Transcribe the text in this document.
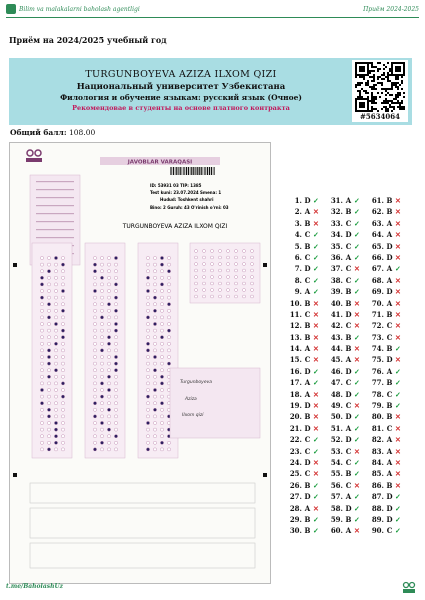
Bilim va malakalarni baholash agentligi	Приём 2024-2025
Приём на 2024/2025 учебный год
TURGUNBOYEVA AZIZA ILXOM QIZI
Национальный университет Узбекистана
Филология и обучение языкам: русский язык (Очное)
Рекомендовае в студенты на основе платного контракта
#5634064
Общий балл: 108.00
JAVOBLAR VARAQASI
ID: 53931 03 TIP: 1385
Test kuni: 23.07.2024 Smena: 1
Hudud: Toshkent shahri
Bino: 2 Guruh: 43 O'rinish o'rni: 03
TURGUNBOYEVA AZIZA ILXOM QIZI
Turgunboyeva
Aziza
Ilxom qizi
1. D ✓
2. A ✕
3. B ✕
4. C ✓
5. B ✓
6. C ✓
7. D ✓
8. C ✓
9. A ✓
10. B ✕
11. C ✕
12. B ✕
13. B ✕
14. A ✕
15. C ✕
16. D ✓
17. A ✓
18. A ✕
19. D ✕
20. B ✕
21. D ✕
22. C ✓
23. C ✓
24. D ✕
25. C ✕
26. B ✓
27. D ✓
28. A ✕
29. B ✓
30. B ✓
31. A ✓
32. B ✓
33. C ✓
34. D ✓
35. C ✓
36. A ✓
37. C ✕
38. C ✓
39. B ✓
40. B ✕
41. D ✕
42. C ✕
43. B ✓
44. B ✕
45. A ✕
46. D ✓
47. C ✓
48. D ✓
49. C ✕
50. D ✓
51. A ✓
52. D ✓
53. C ✕
54. C ✓
55. B ✓
56. C ✕
57. A ✓
58. D ✓
59. B ✓
60. A ✕
61. B ✕
62. B ✕
63. A ✕
64. A ✕
65. D ✕
66. D ✕
67. A ✓
68. A ✕
69. D ✕
70. A ✕
71. B ✕
72. C ✕
73. C ✕
74. B ✓
75. D ✕
76. A ✓
77. B ✓
78. C ✓
79. B ✓
80. B ✕
81. C ✕
82. A ✕
83. A ✕
84. A ✕
85. A ✕
86. B ✕
87. D ✓
88. D ✓
89. D ✓
90. C ✓
t.me/BaholashUz
